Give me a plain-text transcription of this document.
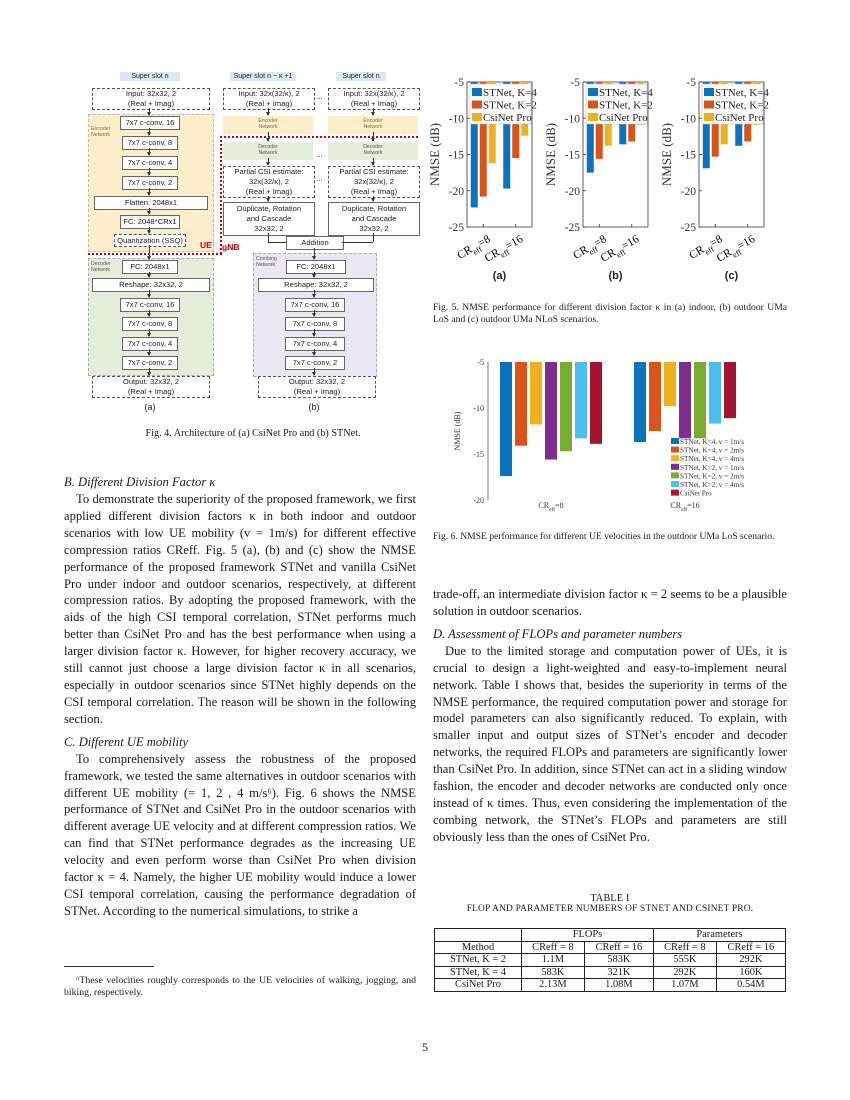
Super slot n
Input: 32x32, 2
(Real + Imag)
Encoder
Network
7x7 c-conv, 16
7x7 c-conv, 8
7x7 c-conv, 4
7x7 c-conv, 2
Flatten: 2048x1
FC: 2048*CRx1
Quantization (SSQ)
Decoder
Network	FC: 2048x1
Reshape: 32x32, 2
7x7 c-conv, 16
7x7 c-conv, 8
7x7 c-conv, 4
7x7 c-conv, 2
Output: 32x32, 2
(Real + Imag)
(a)
UE gNB
Super slot n − κ +1	Super slot n
Input: 32x(32/κ), 2
(Real + Imag)
...	Input: 32x(32/κ), 2
(Real + Imag)
Encoder
Network
Encoder
Network
Decoder
Network	...
Decoder
Network
Partial CSI estimate:
32x(32/κ), 2
(Real + Imag)
...
Partial CSI estimate:
32x(32/κ), 2
(Real + Imag)
Duplicate, Rotation
and Cascade
32x32, 2
Duplicate, Rotation
and Cascade
32x32, 2
Addition
Combing
Network	FC: 2048x1
Reshape: 32x32, 2
7x7 c-conv, 16
7x7 c-conv, 8
7x7 c-conv, 4
7x7 c-conv, 2
Output: 32x32, 2
(Real + Imag)
(b)

Fig. 4. Architecture of (a) CsiNet Pro and (b) STNet.

-5
-10
-15
-20
-25
NMSE (dB)
$CR_{eff}=8$
$CR_{eff}=16$
STNet, K=4
STNet, K=2
CsiNet Pro
(a)
-5
-10
-15
-20
-25
NMSE (dB)
$CR_{eff}=8$
$CR_{eff}=16$
STNet, K=4
STNet, K=2
CsiNet Pro
(b)
-5
-10
-15
-20
-25
NMSE (dB)
$CR_{eff}=8$
$CR_{eff}=16$
STNet, K=4
STNet, K=2
CsiNet Pro
(c)

Fig. 5. NMSE performance for different division factor κ in (a) indoor, (b) outdoor UMa LoS and (c) outdoor UMa NLoS scenarios.

-5
-10
-15
-20
NMSE (dB)
$CR_{eff}=8$	$CR_{eff}=16$
STNet, K=4, v = 1m/s
STNet, K=4, v = 2m/s
STNet, K=4, v = 4m/s
STNet, K=2, v = 1m/s
STNet, K=2, v = 2m/s
STNet, K=2, v = 4m/s
CsiNet Pro

Fig. 6. NMSE performance for different UE velocities in the outdoor UMa LoS scenario.

B. Different Division Factor κ

To demonstrate the superiority of the proposed framework, we first applied different division factors κ in both indoor and outdoor scenarios with low UE mobility (v = 1m/s) for different effective compression ratios CReff. Fig. 5 (a), (b) and (c) show the NMSE performance of the proposed framework STNet and vanilla CsiNet Pro under indoor and outdoor scenarios, respectively, at different compression ratios. By adopting the proposed framework, with the aids of the high CSI temporal correlation, STNet performs much better than CsiNet Pro and has the best performance when using a larger division factor κ. However, for higher recovery accuracy, we still cannot just choose a large division factor κ in all scenarios, especially in outdoor scenarios since STNet highly depends on the CSI temporal correlation. The reason will be shown in the following section.

C. Different UE mobility

To comprehensively assess the robustness of the proposed framework, we tested the same alternatives in outdoor scenarios with different UE mobility (= 1, 2 , 4 m/s⁶). Fig. 6 shows the NMSE performance of STNet and CsiNet Pro in the outdoor scenarios with different average UE velocity and at different compression ratios. We can find that STNet performance degrades as the increasing UE velocity and even perform worse than CsiNet Pro when division factor κ = 4. Namely, the higher UE mobility would induce a lower CSI temporal correlation, causing the performance degradation of STNet. According to the numerical simulations, to strike a

⁶These velocities roughly corresponds to the UE velocities of walking, jogging, and biking, respectively.

trade-off, an intermediate division factor κ = 2 seems to be a plausible solution in outdoor scenarios.

D. Assessment of FLOPs and parameter numbers

Due to the limited storage and computation power of UEs, it is crucial to design a light-weighted and easy-to-implement neural network. Table I shows that, besides the superiority in terms of the NMSE performance, the required computation power and storage for model parameters can also significantly reduced. To explain, with smaller input and output sizes of STNet’s encoder and decoder networks, the required FLOPs and parameters are significantly lower than CsiNet Pro. In addition, since STNet can act in a sliding window fashion, the encoder and decoder networks are conducted only once instead of κ times. Thus, even considering the implementation of the combing network, the STNet’s FLOPs and parameters are still obviously less than the ones of CsiNet Pro.

TABLE I
FLOP AND PARAMETER NUMBERS OF STNET AND CSINET PRO.
	FLOPs		Parameters	
Method	CReff = 8	CReff = 16	CReff = 8	CReff = 16
STNet, K = 2	1.1M	583K	555K	292K
STNet, K = 4	583K	321K	292K	160K
CsiNet Pro	2.13M	1.08M	1.07M	0.54M
5
